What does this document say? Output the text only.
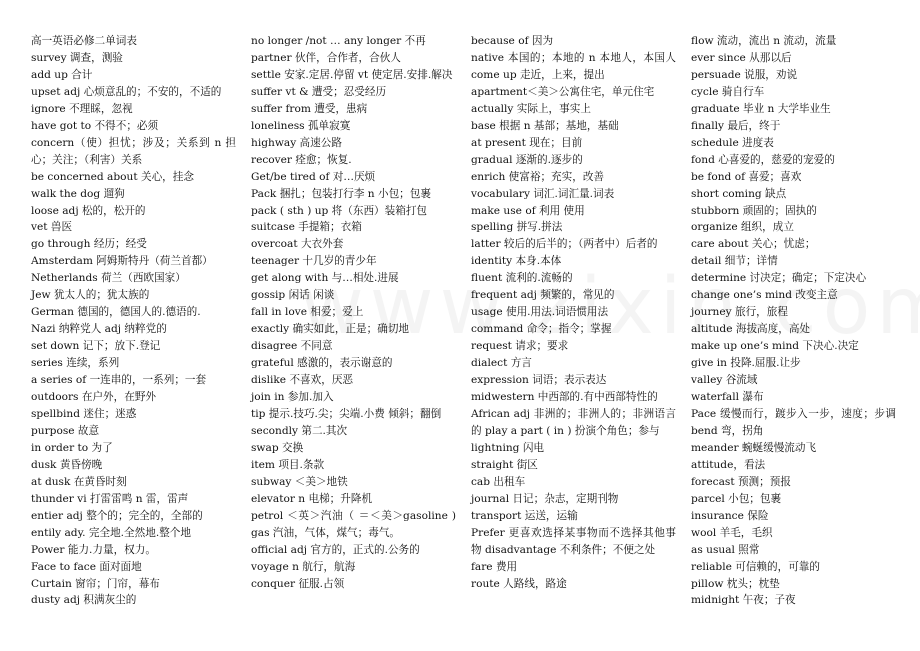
高一英语必修二单词表

survey 调查，测验

add up 合计

upset adj 心烦意乱的；不安的，不适的

ignore 不理睬，忽视

have got to 不得不；必须

concern（使）担忧；涉及；关系到 n 担心；关注；（利害）关系

be concerned about 关心，挂念

walk the dog 遛狗

loose adj 松的，松开的

vet 兽医

go through 经历；经受

Amsterdam 阿姆斯特丹（荷兰首都）

Netherlands 荷兰（西欧国家）

Jew 犹太人的；犹太族的

German 德国的，德国人的.德语的.

Nazi 纳粹党人 adj 纳粹党的

set down 记下；放下.登记

series 连续，系列

a series of 一连串的，一系列；一套

outdoors 在户外，在野外

spellbind 迷住；迷惑

purpose 故意

in order to 为了

dusk 黄昏傍晚

at dusk 在黄昏时刻

thunder vi 打雷雷鸣 n 雷，雷声

entier adj 整个的；完全的，全部的

entily ady. 完全地.全然地.整个地

Power 能力.力量，权力。

Face to face 面对面地

Curtain 窗帘；门帘，幕布

dusty adj 积满灰尘的

no longer /not … any longer 不再

partner 伙伴，合作者，合伙人

settle 安家.定居.停留 vt 使定居.安排.解决

suffer vt & 遭受；忍受经历

suffer from 遭受，患病

loneliness 孤单寂寞

highway 高速公路

recover 痊愈；恢复.

Get/be tired of 对…厌烦

Pack 捆扎；包装打行李 n 小包；包裹

pack ( sth ) up 将（东西）装箱打包

suitcase 手提箱；衣箱

overcoat 大衣外套

teenager 十几岁的青少年

get along with 与…相处.进展

gossip 闲话 闲谈

fall in love 相爱；爱上

exactly 确实如此，正是；确切地

disagree 不同意

grateful 感激的，表示谢意的

dislike 不喜欢，厌恶

join in 参加.加入

tip 提示.技巧.尖；尖端.小费 倾斜；翻倒

secondly 第二.其次

swap 交换

item 项目.条款

subway ＜美＞地铁

elevator n 电梯；升降机

petrol ＜英＞汽油（ ＝＜美＞gasoline ) gas 汽油，气体，煤气；毒气。

official adj 官方的，正式的.公务的

voyage n 航行，航海

conquer 征服.占领

because of 因为

native 本国的；本地的 n 本地人，本国人 come up 走近，上来，提出

apartment＜美＞公寓住宅，单元住宅

actually 实际上，事实上

base 根据 n 基部；基地，基础

at present 现在；目前

gradual 逐渐的.逐步的

enrich 使富裕；充实，改善

vocabulary 词汇.词汇量.词表

make use of 利用 使用

spelling 拼写.拼法

latter 较后的后半的；（两者中）后者的

identity 本身.本体

fluent 流利的.流畅的

frequent adj 频繁的，常见的

usage 使用.用法.词语惯用法

command 命令；指令；掌握

request 请求；要求

dialect 方言

expression 词语；表示表达

midwestern 中西部的.有中西部特性的

African adj 非洲的；非洲人的；非洲语言的 play a part ( in ) 扮演个角色；参与

lightning 闪电

straight 街区

cab 出租车

journal 日记；杂志，定期刊物

transport 运送，运输

Prefer 更喜欢选择某事物而不选择其他事物 disadvantage 不利条件；不便之处

fare 费用

route 人路线，路途

flow 流动，流出 n 流动，流量

ever since 从那以后

persuade 说服，劝说

cycle 骑自行车

graduate 毕业 n 大学毕业生

finally 最后，终于

schedule 进度表

fond 心喜爱的，慈爱的宠爱的

be fond of 喜爱；喜欢

short coming 缺点

stubborn 顽固的；固执的

organize 组织，成立

care about 关心；忧虑；

detail 细节；详情

determine 讨决定；确定；下定决心

change one’s mind 改变主意

journey 旅行，旅程

altitude 海拔高度，高处

make up one’s mind 下决心.决定

give in 投降.屈服.让步

valley 谷流域

waterfall 瀑布

Pace 缓慢而行，踱步入一步，速度；步调 bend 弯，拐角

meander 蜿蜒缓慢流动飞

attitude，看法

forecast 预测；预报

parcel 小包；包裹

insurance 保险

wool 羊毛，毛织

as usual 照常

reliable 可信赖的，可靠的

pillow 枕头；枕垫

midnight 午夜；子夜
